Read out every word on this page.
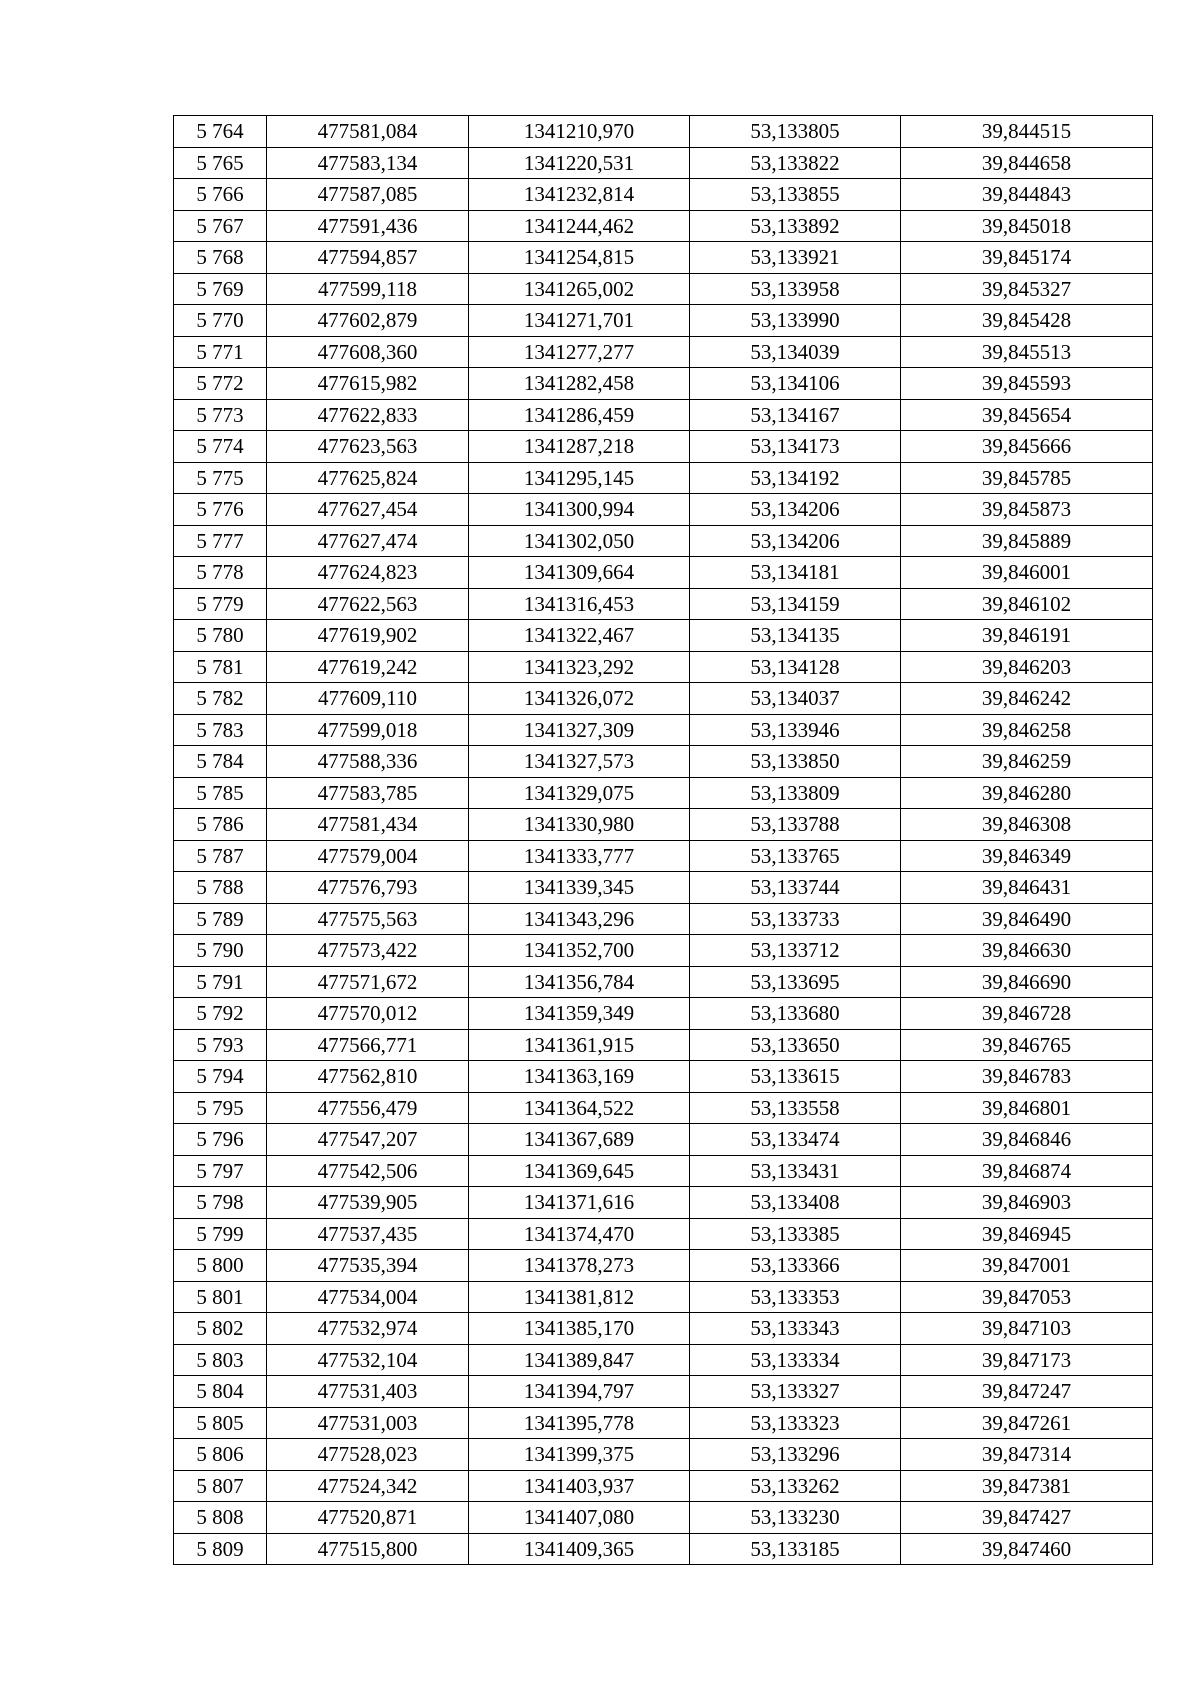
5 764	477581,084	1341210,970	53,133805	39,844515
5 765	477583,134	1341220,531	53,133822	39,844658
5 766	477587,085	1341232,814	53,133855	39,844843
5 767	477591,436	1341244,462	53,133892	39,845018
5 768	477594,857	1341254,815	53,133921	39,845174
5 769	477599,118	1341265,002	53,133958	39,845327
5 770	477602,879	1341271,701	53,133990	39,845428
5 771	477608,360	1341277,277	53,134039	39,845513
5 772	477615,982	1341282,458	53,134106	39,845593
5 773	477622,833	1341286,459	53,134167	39,845654
5 774	477623,563	1341287,218	53,134173	39,845666
5 775	477625,824	1341295,145	53,134192	39,845785
5 776	477627,454	1341300,994	53,134206	39,845873
5 777	477627,474	1341302,050	53,134206	39,845889
5 778	477624,823	1341309,664	53,134181	39,846001
5 779	477622,563	1341316,453	53,134159	39,846102
5 780	477619,902	1341322,467	53,134135	39,846191
5 781	477619,242	1341323,292	53,134128	39,846203
5 782	477609,110	1341326,072	53,134037	39,846242
5 783	477599,018	1341327,309	53,133946	39,846258
5 784	477588,336	1341327,573	53,133850	39,846259
5 785	477583,785	1341329,075	53,133809	39,846280
5 786	477581,434	1341330,980	53,133788	39,846308
5 787	477579,004	1341333,777	53,133765	39,846349
5 788	477576,793	1341339,345	53,133744	39,846431
5 789	477575,563	1341343,296	53,133733	39,846490
5 790	477573,422	1341352,700	53,133712	39,846630
5 791	477571,672	1341356,784	53,133695	39,846690
5 792	477570,012	1341359,349	53,133680	39,846728
5 793	477566,771	1341361,915	53,133650	39,846765
5 794	477562,810	1341363,169	53,133615	39,846783
5 795	477556,479	1341364,522	53,133558	39,846801
5 796	477547,207	1341367,689	53,133474	39,846846
5 797	477542,506	1341369,645	53,133431	39,846874
5 798	477539,905	1341371,616	53,133408	39,846903
5 799	477537,435	1341374,470	53,133385	39,846945
5 800	477535,394	1341378,273	53,133366	39,847001
5 801	477534,004	1341381,812	53,133353	39,847053
5 802	477532,974	1341385,170	53,133343	39,847103
5 803	477532,104	1341389,847	53,133334	39,847173
5 804	477531,403	1341394,797	53,133327	39,847247
5 805	477531,003	1341395,778	53,133323	39,847261
5 806	477528,023	1341399,375	53,133296	39,847314
5 807	477524,342	1341403,937	53,133262	39,847381
5 808	477520,871	1341407,080	53,133230	39,847427
5 809	477515,800	1341409,365	53,133185	39,847460
